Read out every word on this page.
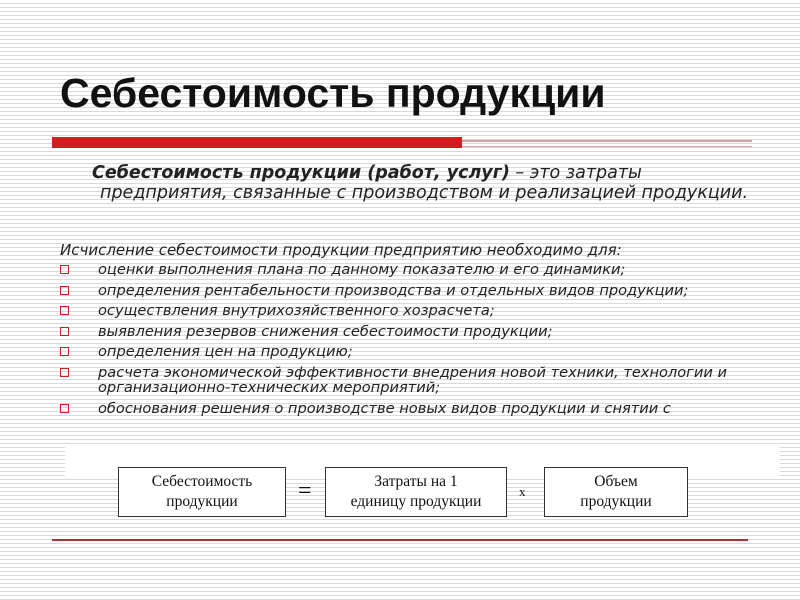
Себестоимость продукции
Себестоимость продукции (работ, услуг) – это затраты
предприятия, связанные с производством и реализацией продукции.
Исчисление себестоимости продукции предприятию необходимо для:
оценки выполнения плана по данному показателю и его динамики;
определения рентабельности производства и отдельных видов продукции;
осуществления внутрихозяйственного хозрасчета;
выявления резервов снижения себестоимости продукции;
определения цен на продукцию;
расчета экономической эффективности внедрения новой техники, технологии и организационно-технических мероприятий;
обоснования решения о производстве новых видов продукции и снятии с
Себестоимость
продукции	=	Затраты на 1
единицу продукции
x
Объем
продукции
